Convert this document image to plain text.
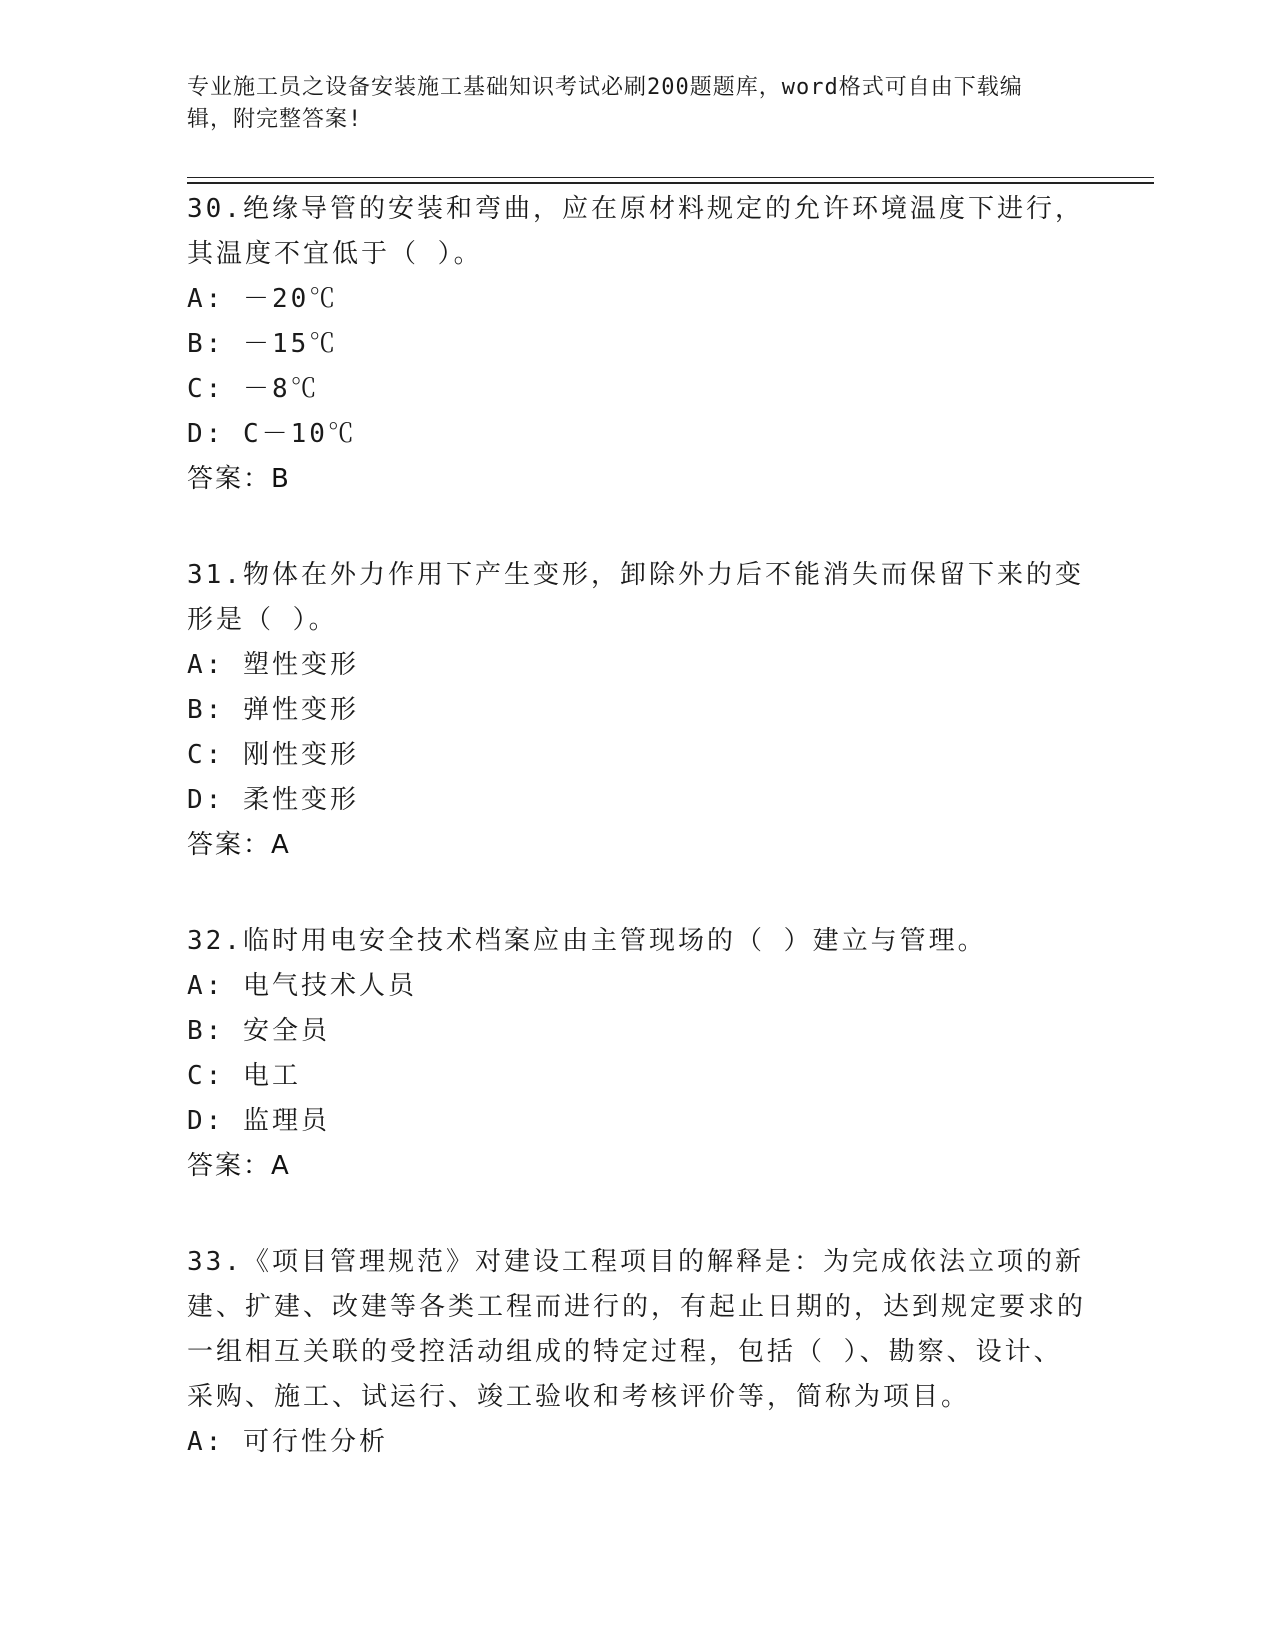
专业施工员之设备安装施工基础知识考试必刷200题题库，word格式可自由下载编辑，附完整答案!

30.绝缘导管的安装和弯曲，应在原材料规定的允许环境温度下进行，其温度不宜低于（ ）。

A: －20℃

B: －15℃

C: －8℃

D: C－10℃

答案：B

31.物体在外力作用下产生变形，卸除外力后不能消失而保留下来的变形是（ ）。

A: 塑性变形

B: 弹性变形

C: 刚性变形

D: 柔性变形

答案：A

32.临时用电安全技术档案应由主管现场的（ ）建立与管理。

A: 电气技术人员

B: 安全员

C: 电工

D: 监理员

答案：A

33.《项目管理规范》对建设工程项目的解释是：为完成依法立项的新建、扩建、改建等各类工程而进行的，有起止日期的，达到规定要求的一组相互关联的受控活动组成的特定过程，包括（ ）、勘察、设计、采购、施工、试运行、竣工验收和考核评价等，简称为项目。

A: 可行性分析
